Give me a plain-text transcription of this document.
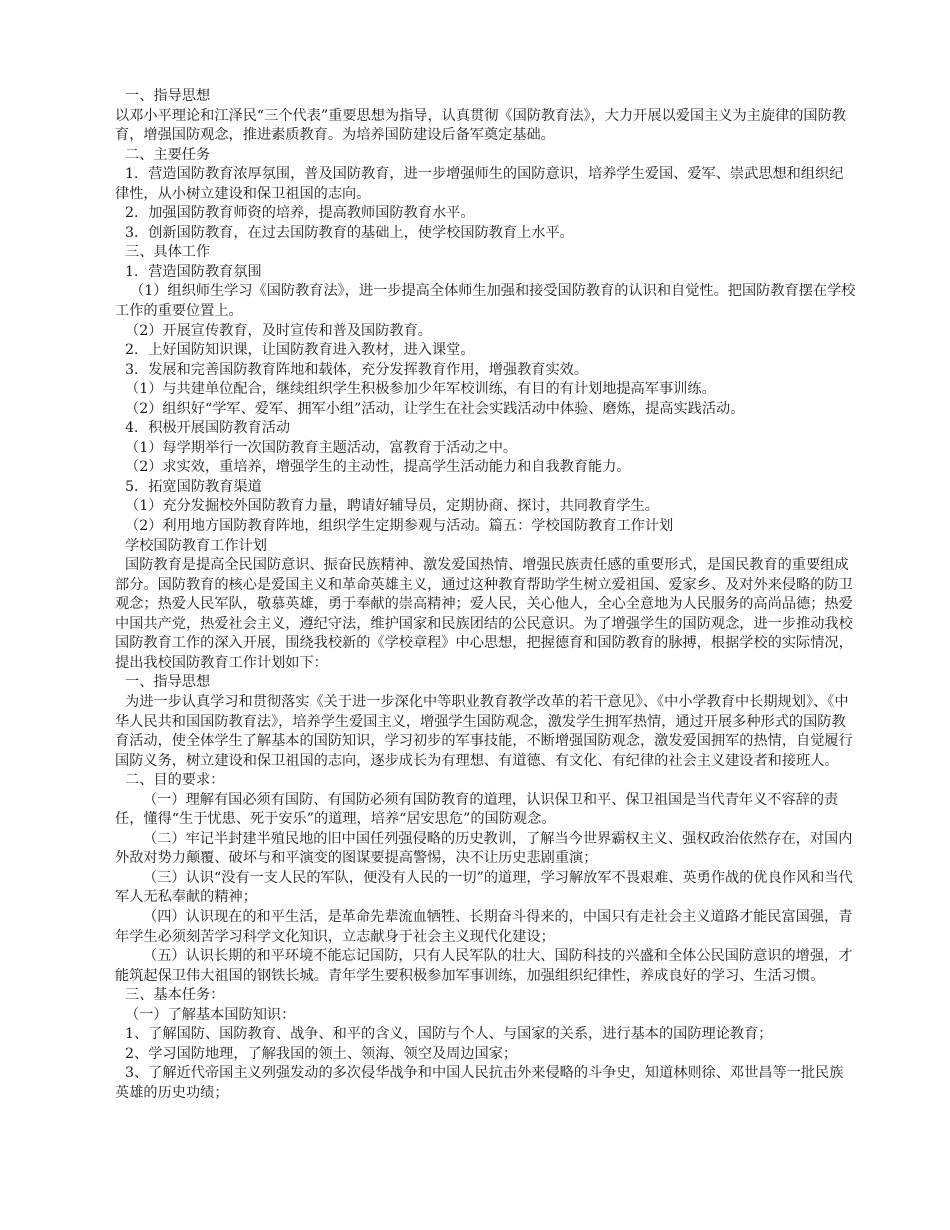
一、指导思想

以邓小平理论和江泽民“三个代表”重要思想为指导，认真贯彻《国防教育法》，大力开展以爱国主义为主旋律的国防教育，增强国防观念，推进素质教育。为培养国防建设后备军奠定基础。

二、主要任务

1．营造国防教育浓厚氛围，普及国防教育，进一步增强师生的国防意识，培养学生爱国、爱军、崇武思想和组织纪律性，从小树立建设和保卫祖国的志向。

2．加强国防教育师资的培养，提高教师国防教育水平。

3．创新国防教育，在过去国防教育的基础上，使学校国防教育上水平。

三、具体工作

1．营造国防教育氛围

（1）组织师生学习《国防教育法》，进一步提高全体师生加强和接受国防教育的认识和自觉性。把国防教育摆在学校工作的重要位置上。

（2）开展宣传教育，及时宣传和普及国防教育。

2．上好国防知识课，让国防教育进入教材，进入课堂。

3．发展和完善国防教育阵地和载体，充分发挥教育作用，增强教育实效。

（1）与共建单位配合，继续组织学生积极参加少年军校训练，有目的有计划地提高军事训练。

（2）组织好“学军、爱军、拥军小组”活动，让学生在社会实践活动中体验、磨炼，提高实践活动。

4．积极开展国防教育活动

（1）每学期举行一次国防教育主题活动，富教育于活动之中。

（2）求实效，重培养，增强学生的主动性，提高学生活动能力和自我教育能力。

5．拓宽国防教育渠道

（1）充分发掘校外国防教育力量，聘请好辅导员，定期协商、探讨，共同教育学生。

（2）利用地方国防教育阵地，组织学生定期参观与活动。篇五：学校国防教育工作计划

学校国防教育工作计划

国防教育是提高全民国防意识、振奋民族精神、激发爱国热情、增强民族责任感的重要形式，是国民教育的重要组成部分。国防教育的核心是爱国主义和革命英雄主义，通过这种教育帮助学生树立爱祖国、爱家乡、及对外来侵略的防卫观念；热爱人民军队，敬慕英雄，勇于奉献的崇高精神；爱人民，关心他人，全心全意地为人民服务的高尚品德；热爱中国共产党，热爱社会主义，遵纪守法，维护国家和民族团结的公民意识。为了增强学生的国防观念，进一步推动我校国防教育工作的深入开展，围绕我校新的《学校章程》中心思想，把握德育和国防教育的脉搏，根据学校的实际情况，提出我校国防教育工作计划如下：

一、指导思想

为进一步认真学习和贯彻落实《关于进一步深化中等职业教育教学改革的若干意见》、《中小学教育中长期规划》、《中华人民共和国国防教育法》，培养学生爱国主义，增强学生国防观念，激发学生拥军热情，通过开展多种形式的国防教育活动，使全体学生了解基本的国防知识，学习初步的军事技能，不断增强国防观念，激发爱国拥军的热情，自觉履行国防义务，树立建设和保卫祖国的志向，逐步成长为有理想、有道德、有文化、有纪律的社会主义建设者和接班人。

二、目的要求：

（一）理解有国必须有国防、有国防必须有国防教育的道理，认识保卫和平、保卫祖国是当代青年义不容辞的责任，懂得“生于忧患、死于安乐”的道理，培养“居安思危”的国防观念。

（二）牢记半封建半殖民地的旧中国任列强侵略的历史教训，了解当今世界霸权主义、强权政治依然存在，对国内外敌对势力颠覆、破坏与和平演变的图谋要提高警惕，决不让历史悲剧重演；

（三）认识“没有一支人民的军队，便没有人民的一切”的道理，学习解放军不畏艰难、英勇作战的优良作风和当代军人无私奉献的精神；

（四）认识现在的和平生活，是革命先辈流血牺牲、长期奋斗得来的，中国只有走社会主义道路才能民富国强，青年学生必须刻苦学习科学文化知识，立志献身于社会主义现代化建设；

（五）认识长期的和平环境不能忘记国防，只有人民军队的壮大、国防科技的兴盛和全体公民国防意识的增强，才能筑起保卫伟大祖国的钢铁长城。青年学生要积极参加军事训练，加强组织纪律性，养成良好的学习、生活习惯。

三、基本任务：

（一）了解基本国防知识：

1、了解国防、国防教育、战争、和平的含义，国防与个人、与国家的关系，进行基本的国防理论教育；

2、学习国防地理，了解我国的领土、领海、领空及周边国家；

3、了解近代帝国主义列强发动的多次侵华战争和中国人民抗击外来侵略的斗争史，知道林则徐、邓世昌等一批民族英雄的历史功绩；
